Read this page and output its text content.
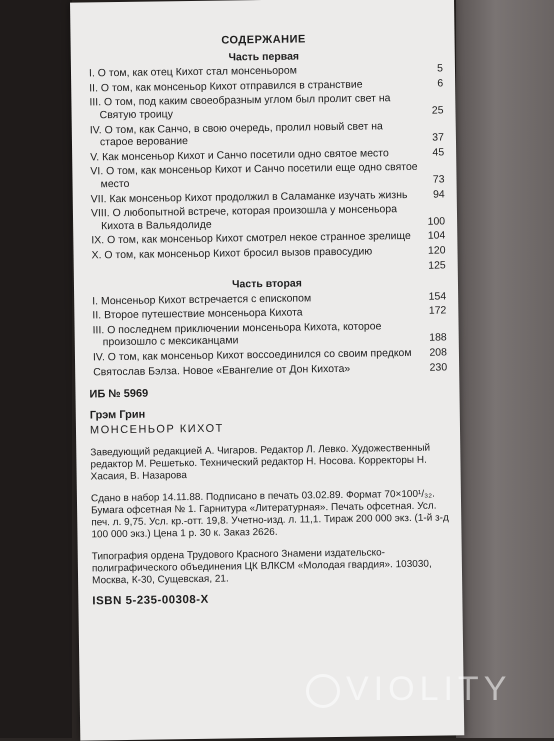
СОДЕРЖАНИЕ
Часть первая
I. О том, как отец Кихот стал монсеньором	5
II. О том, как монсеньор Кихот отправился в странствие	6
III. О том, под каким своеобразным углом был пролит свет на Святую троицу	25
IV. О том, как Санчо, в свою очередь, пролил новый свет на старое верование	37
V. Как монсеньор Кихот и Санчо посетили одно святое место	45
VI. О том, как монсеньор Кихот и Санчо посетили еще одно святое место	73
VII. Как монсеньор Кихот продолжил в Саламанке изучать жизнь	94
VIII. О любопытной встрече, которая произошла у монсеньора Кихота в Вальядолиде	100
IX. О том, как монсеньор Кихот смотрел некое странное зрелище	104
X. О том, как монсеньор Кихот бросил вызов правосудию	120
125
Часть вторая
I. Монсеньор Кихот встречается с епископом	154
II. Второе путешествие монсеньора Кихота	172
III. О последнем приключении монсеньора Кихота, которое произошло с мексиканцами	188
IV. О том, как монсеньор Кихот воссоединился со своим предком	208
Святослав Бэлза. Новое «Евангелие от Дон Кихота»	230
ИБ № 5969
Грэм Грин
МОНСЕНЬОР КИХОТ
Заведующий редакцией А. Чигаров. Редактор Л. Левко. Художественный редактор М. Решетько. Технический редактор Н. Носова. Корректоры Н. Хасаия, В. Назарова
Сдано в набор 14.11.88. Подписано в печать 03.02.89. Формат 70×100¹/₃₂. Бумага офсетная № 1. Гарнитура «Литературная». Печать офсетная. Усл. печ. л. 9,75. Усл. кр.-отт. 19,8. Учетно-изд. л. 11,1. Тираж 200 000 экз. (1-й з-д 100 000 экз.) Цена 1 р. 30 к. Заказ 2626.
Типография ордена Трудового Красного Знамени издательско-полиграфического объединения ЦК ВЛКСМ «Молодая гвардия». 103030, Москва, К-30, Сущевская, 21.
ISBN 5-235-00308-X
VIOLITY
